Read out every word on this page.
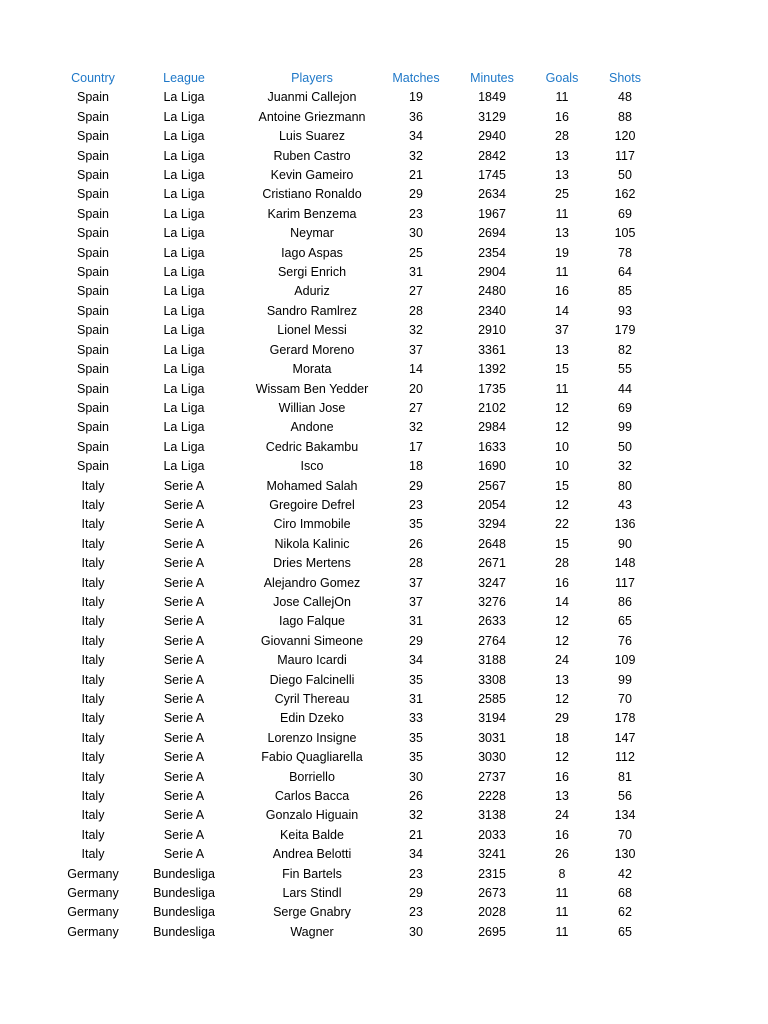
Country	League	Players	Matches	Minutes	Goals	Shots
Spain	La Liga	Juanmi Callejon	19	1849	11	48
Spain	La Liga	Antoine Griezmann	36	3129	16	88
Spain	La Liga	Luis Suarez	34	2940	28	120
Spain	La Liga	Ruben Castro	32	2842	13	117
Spain	La Liga	Kevin Gameiro	21	1745	13	50
Spain	La Liga	Cristiano Ronaldo	29	2634	25	162
Spain	La Liga	Karim Benzema	23	1967	11	69
Spain	La Liga	Neymar	30	2694	13	105
Spain	La Liga	Iago Aspas	25	2354	19	78
Spain	La Liga	Sergi Enrich	31	2904	11	64
Spain	La Liga	Aduriz	27	2480	16	85
Spain	La Liga	Sandro Ramlrez	28	2340	14	93
Spain	La Liga	Lionel Messi	32	2910	37	179
Spain	La Liga	Gerard Moreno	37	3361	13	82
Spain	La Liga	Morata	14	1392	15	55
Spain	La Liga	Wissam Ben Yedder	20	1735	11	44
Spain	La Liga	Willian Jose	27	2102	12	69
Spain	La Liga	Andone	32	2984	12	99
Spain	La Liga	Cedric Bakambu	17	1633	10	50
Spain	La Liga	Isco	18	1690	10	32
Italy	Serie A	Mohamed Salah	29	2567	15	80
Italy	Serie A	Gregoire Defrel	23	2054	12	43
Italy	Serie A	Ciro Immobile	35	3294	22	136
Italy	Serie A	Nikola Kalinic	26	2648	15	90
Italy	Serie A	Dries Mertens	28	2671	28	148
Italy	Serie A	Alejandro Gomez	37	3247	16	117
Italy	Serie A	Jose CallejOn	37	3276	14	86
Italy	Serie A	Iago Falque	31	2633	12	65
Italy	Serie A	Giovanni Simeone	29	2764	12	76
Italy	Serie A	Mauro Icardi	34	3188	24	109
Italy	Serie A	Diego Falcinelli	35	3308	13	99
Italy	Serie A	Cyril Thereau	31	2585	12	70
Italy	Serie A	Edin Dzeko	33	3194	29	178
Italy	Serie A	Lorenzo Insigne	35	3031	18	147
Italy	Serie A	Fabio Quagliarella	35	3030	12	112
Italy	Serie A	Borriello	30	2737	16	81
Italy	Serie A	Carlos Bacca	26	2228	13	56
Italy	Serie A	Gonzalo Higuain	32	3138	24	134
Italy	Serie A	Keita Balde	21	2033	16	70
Italy	Serie A	Andrea Belotti	34	3241	26	130
Germany	Bundesliga	Fin Bartels	23	2315	8	42
Germany	Bundesliga	Lars Stindl	29	2673	11	68
Germany	Bundesliga	Serge Gnabry	23	2028	11	62
Germany	Bundesliga	Wagner	30	2695	11	65
